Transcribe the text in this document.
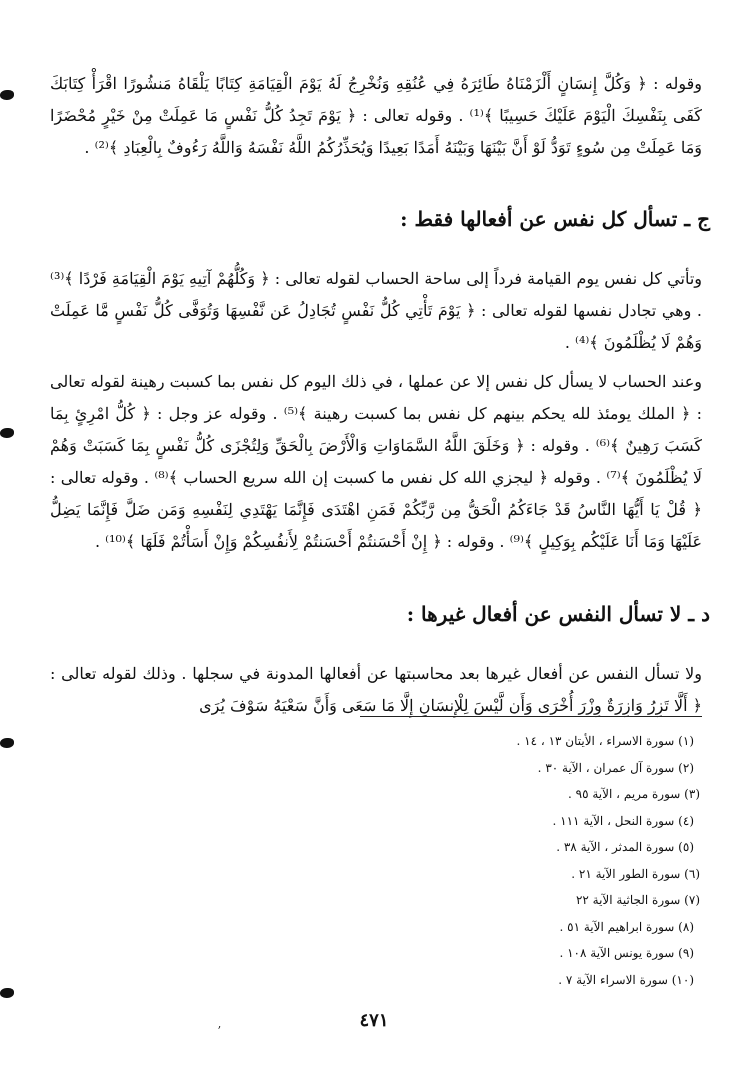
وقوله : ﴿ وَكُلَّ إِنسَانٍ أَلْزَمْنَاهُ طَائِرَهُ فِي عُنُقِهِ وَنُخْرِجُ لَهُ يَوْمَ الْقِيَامَةِ كِتَابًا يَلْقَاهُ مَنشُورًا اقْرَأْ كِتَابَكَ كَفَى بِنَفْسِكَ الْيَوْمَ عَلَيْكَ حَسِيبًا ﴾⁽¹⁾ . وقوله تعالى : ﴿ يَوْمَ تَجِدُ كُلُّ نَفْسٍ مَا عَمِلَتْ مِنْ خَيْرٍ مُحْضَرًا وَمَا عَمِلَتْ مِن سُوءٍ تَوَدُّ لَوْ أَنَّ بَيْنَهَا وَبَيْنَهُ أَمَدًا بَعِيدًا وَيُحَذِّرُكُمُ اللَّهُ نَفْسَهُ وَاللَّهُ رَءُوفٌ بِالْعِبَادِ ﴾⁽²⁾ .

ج ـ تسأل كل نفس عن أفعالها فقط :

وتأتي كل نفس يوم القيامة فرداً إلى ساحة الحساب لقوله تعالى : ﴿ وَكُلُّهُمْ آتِيهِ يَوْمَ الْقِيَامَةِ فَرْدًا ﴾⁽³⁾ . وهي تجادل نفسها لقوله تعالى : ﴿ يَوْمَ تَأْتِي كُلُّ نَفْسٍ تُجَادِلُ عَن نَّفْسِهَا وَتُوَفَّى كُلُّ نَفْسٍ مَّا عَمِلَتْ وَهُمْ لَا يُظْلَمُونَ ﴾⁽⁴⁾ .

وعند الحساب لا يسأل كل نفس إلا عن عملها ، في ذلك اليوم كل نفس بما كسبت رهينة لقوله تعالى : ﴿ الملك يومئذ لله يحكم بينهم كل نفس بما كسبت رهينة ﴾⁽⁵⁾ . وقوله عز وجل : ﴿ كُلُّ امْرِئٍ بِمَا كَسَبَ رَهِينٌ ﴾⁽⁶⁾ . وقوله : ﴿ وَخَلَقَ اللَّهُ السَّمَاوَاتِ وَالْأَرْضَ بِالْحَقِّ وَلِتُجْزَى كُلُّ نَفْسٍ بِمَا كَسَبَتْ وَهُمْ لَا يُظْلَمُونَ ﴾⁽⁷⁾ . وقوله ﴿ ليجزي الله كل نفس ما كسبت إن الله سريع الحساب ﴾⁽⁸⁾ . وقوله تعالى : ﴿ قُلْ يَا أَيُّهَا النَّاسُ قَدْ جَاءَكُمُ الْحَقُّ مِن رَّبِّكُمْ فَمَنِ اهْتَدَى فَإِنَّمَا يَهْتَدِي لِنَفْسِهِ وَمَن ضَلَّ فَإِنَّمَا يَضِلُّ عَلَيْهَا وَمَا أَنَا عَلَيْكُم بِوَكِيلٍ ﴾⁽⁹⁾ . وقوله : ﴿ إِنْ أَحْسَنتُمْ أَحْسَنتُمْ لِأَنفُسِكُمْ وَإِنْ أَسَأْتُمْ فَلَهَا ﴾⁽¹⁰⁾ .

د ـ لا تسأل النفس عن أفعال غيرها :

ولا تسأل النفس عن أفعال غيرها بعد محاسبتها عن أفعالها المدونة في سجلها . وذلك لقوله تعالى : ﴿ أَلَّا تَزِرُ وَازِرَةٌ وِزْرَ أُخْرَى وَأَن لَّيْسَ لِلْإِنسَانِ إِلَّا مَا سَعَى وَأَنَّ سَعْيَهُ سَوْفَ يُرَى

(١) سورة الاسراء ، الأيتان ١٣ ، ١٤ .
(٢) سورة آل عمران ، الآية ٣٠ .
(٣) سورة مريم ، الآية ٩٥ .
(٤) سورة النحل ، الآية ١١١ .
(٥) سورة المدثر ، الآية ٣٨ .
(٦) سورة الطور الآية ٢١ .
(٧) سورة الجاثية الآية ٢٢
(٨) سورة ابراهيم الآية ٥١ .
(٩) سورة يونس الآية ١٠٨ .
(١٠) سورة الاسراء الآية ٧ .
٤٧١
ʼ
